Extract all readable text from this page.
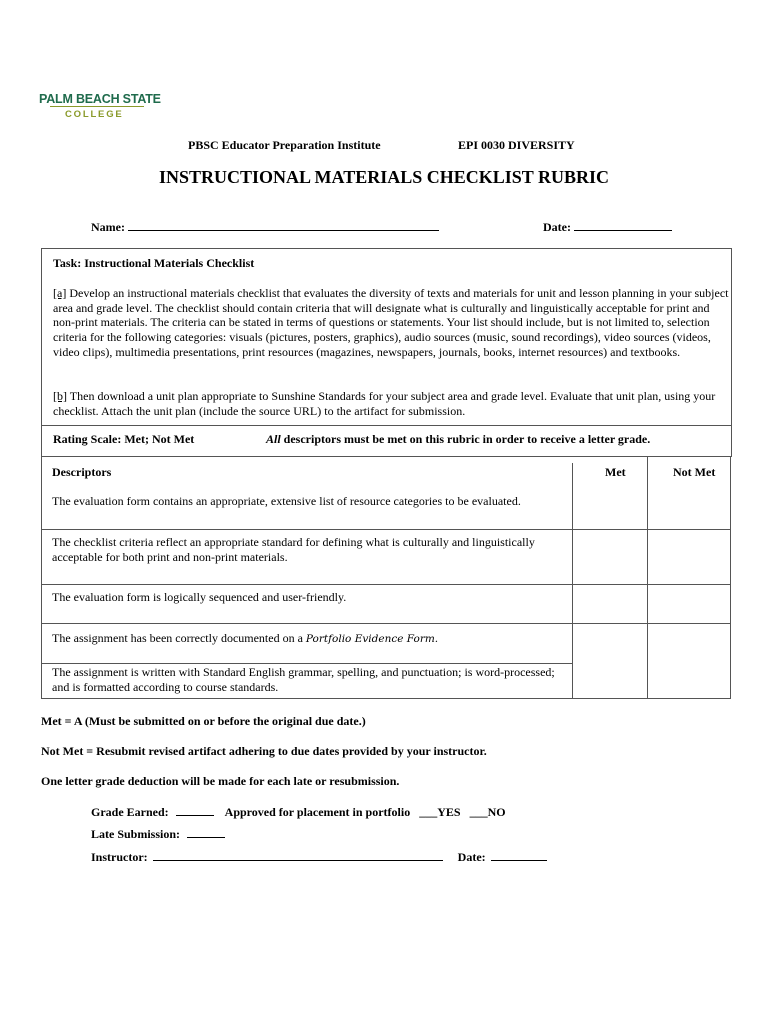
PALM BEACH STATE
COLLEGE
PBSC Educator Preparation Institute	EPI 0030 DIVERSITY
INSTRUCTIONAL MATERIALS CHECKLIST RUBRIC
Name:	Date:
Task: Instructional Materials Checklist
[a] Develop an instructional materials checklist that evaluates the diversity of texts and materials for unit and lesson planning in your subject area and grade level. The checklist should contain criteria that will designate what is culturally and linguistically acceptable for print and non-print materials. The criteria can be stated in terms of questions or statements. Your list should include, but is not limited to, selection criteria for the following categories: visuals (pictures, posters, graphics), audio sources (music, sound recordings), video sources (videos, video clips), multimedia presentations, print resources (magazines, newspapers, journals, books, internet resources) and textbooks.
[b] Then download a unit plan appropriate to Sunshine Standards for your subject area and grade level. Evaluate that unit plan, using your checklist. Attach the unit plan (include the source URL) to the artifact for submission.
Rating Scale: Met; Not Met	All descriptors must be met on this rubric in order to receive a letter grade.
Descriptors	Met	Not Met
The evaluation form contains an appropriate, extensive list of resource categories to be evaluated.
The checklist criteria reflect an appropriate standard for defining what is culturally and linguistically acceptable for both print and non-print materials.
The evaluation form is logically sequenced and user-friendly.
The assignment has been correctly documented on a Portfolio Evidence Form.
The assignment is written with Standard English grammar, spelling, and punctuation; is word-processed; and is formatted according to course standards.
Met = A (Must be submitted on or before the original due date.)
Not Met = Resubmit revised artifact adhering to due dates provided by your instructor.
One letter grade deduction will be made for each late or resubmission.
Grade Earned:	Approved for placement in portfolio ___YES ___NO
Late Submission:
Instructor:	Date:
